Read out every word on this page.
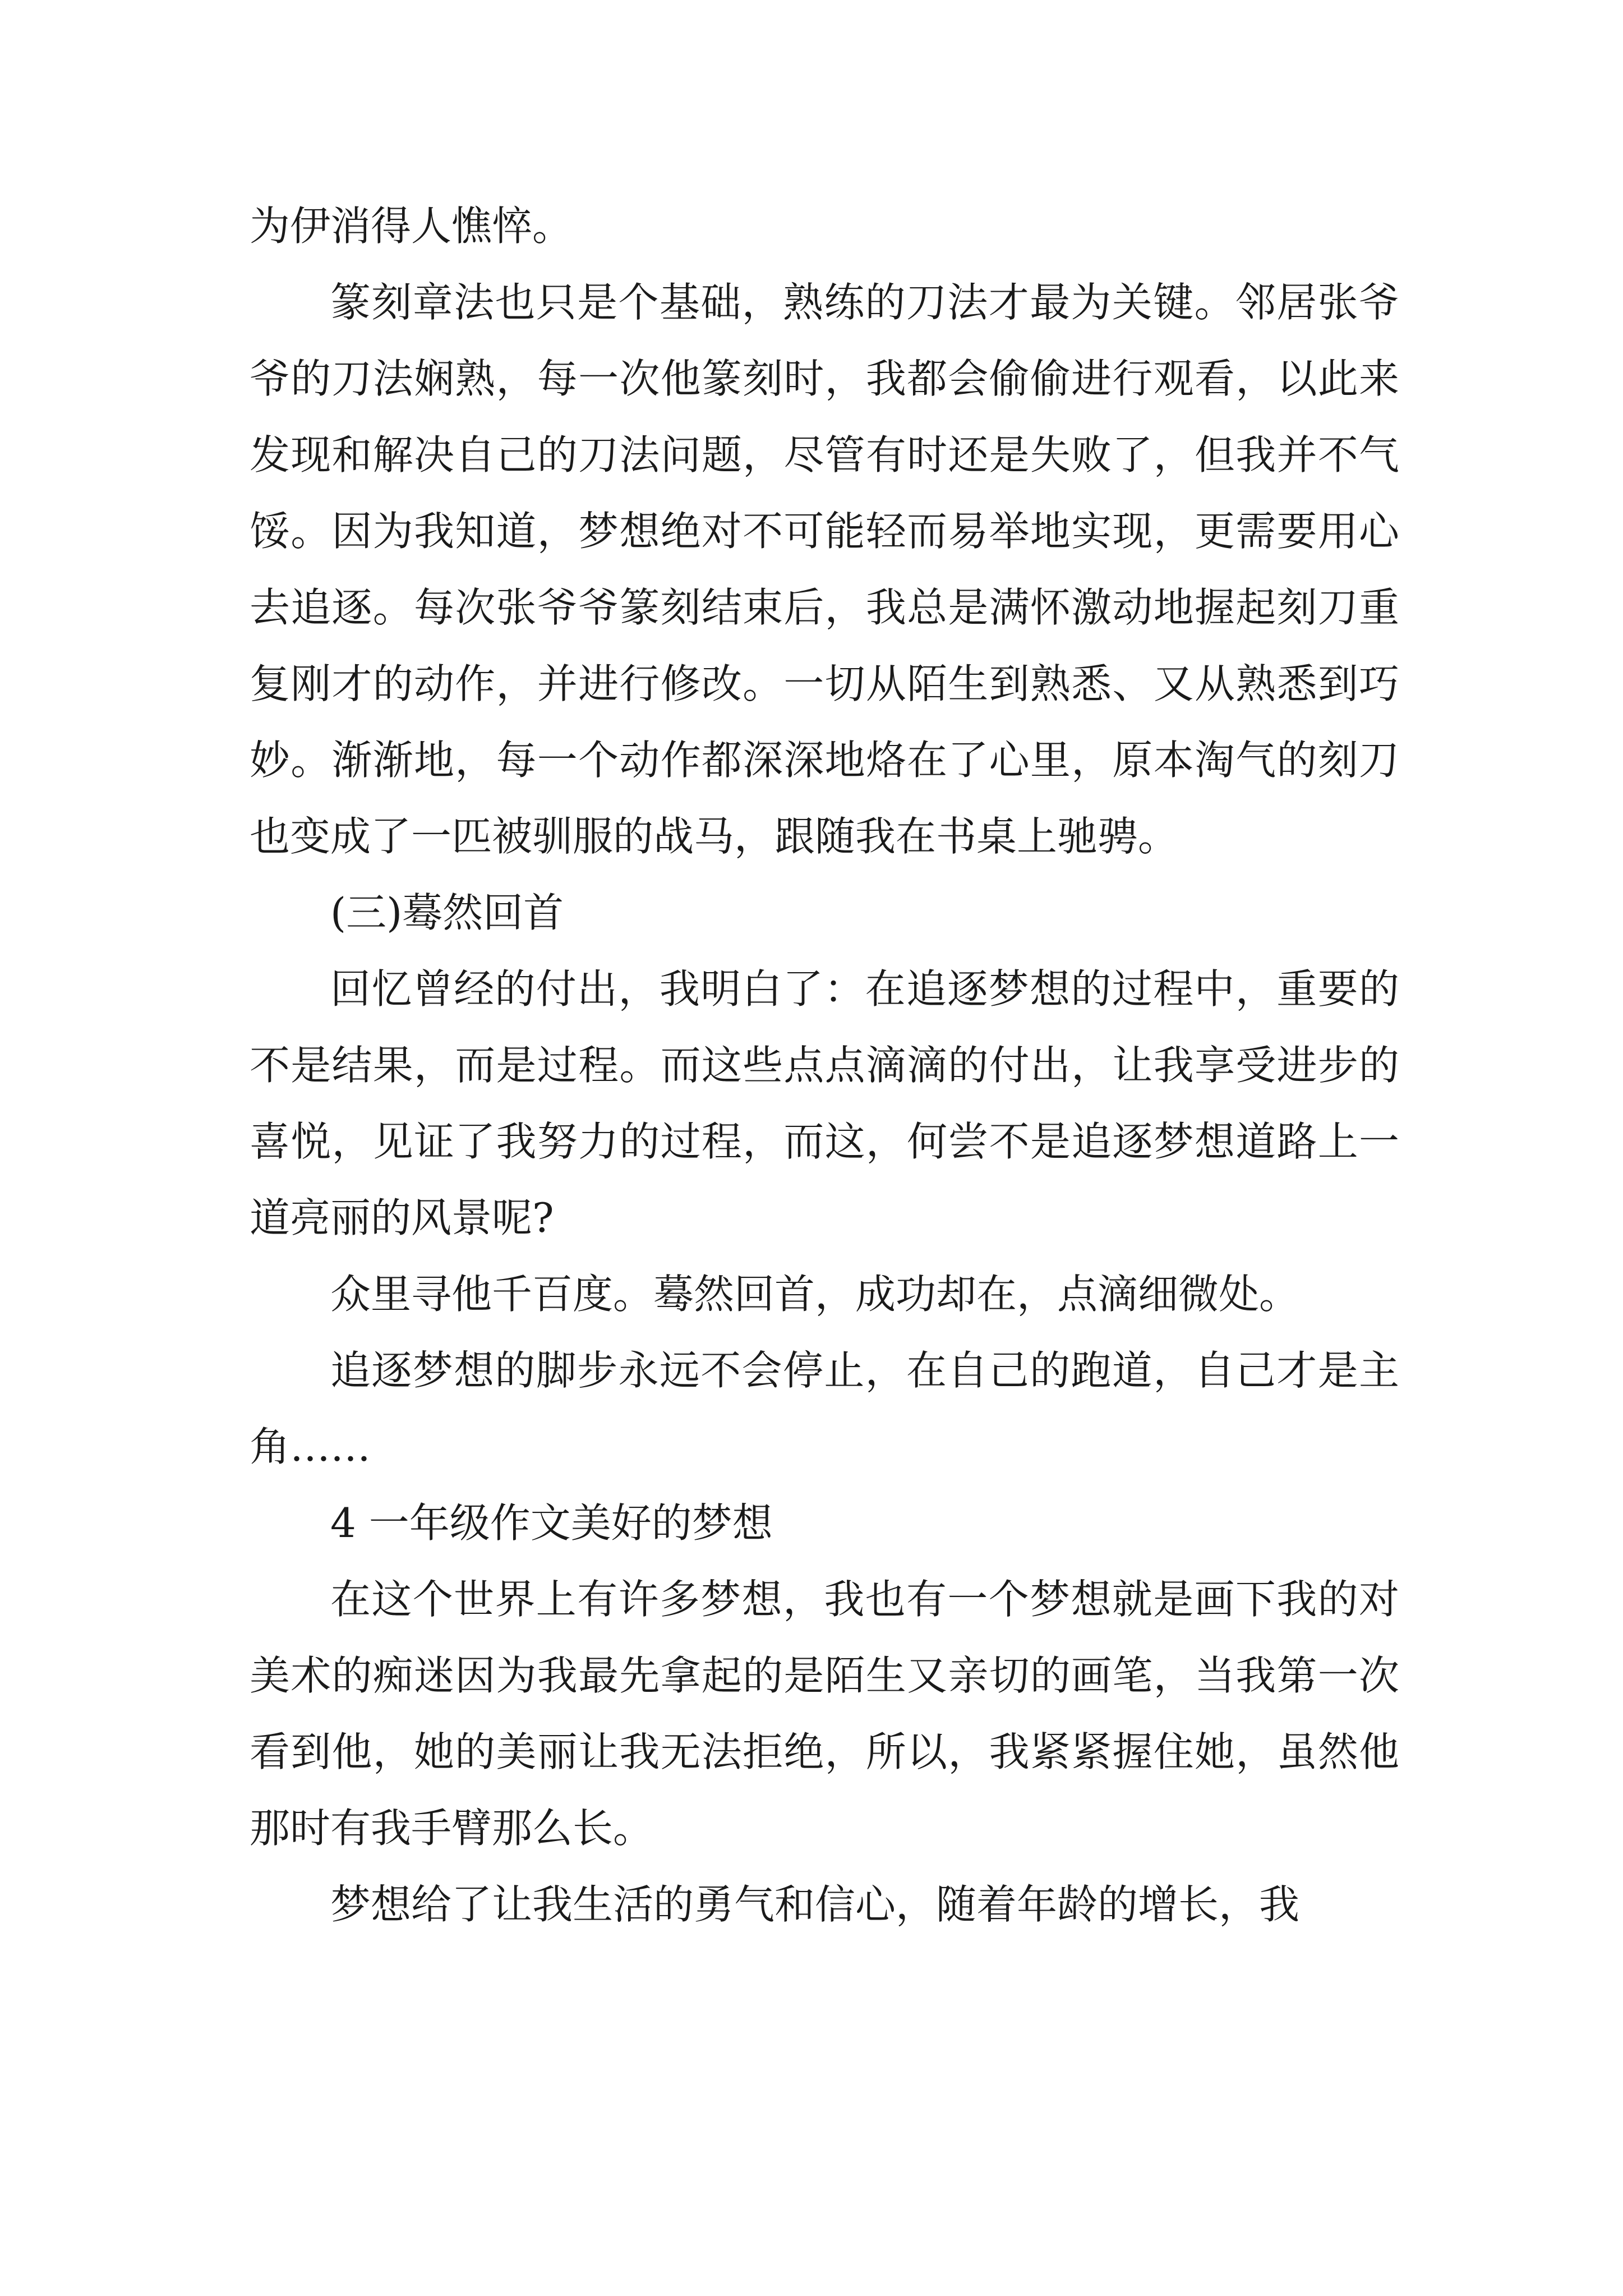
为伊消得人憔悴。

篆刻章法也只是个基础，熟练的刀法才最为关键。邻居张爷爷的刀法娴熟，每一次他篆刻时，我都会偷偷进行观看，以此来发现和解决自己的刀法问题，尽管有时还是失败了，但我并不气馁。因为我知道，梦想绝对不可能轻而易举地实现，更需要用心去追逐。每次张爷爷篆刻结束后，我总是满怀激动地握起刻刀重复刚才的动作，并进行修改。一切从陌生到熟悉、又从熟悉到巧妙。渐渐地，每一个动作都深深地烙在了心里，原本淘气的刻刀也变成了一匹被驯服的战马，跟随我在书桌上驰骋。

(三)蓦然回首

回忆曾经的付出，我明白了：在追逐梦想的过程中，重要的不是结果，而是过程。而这些点点滴滴的付出，让我享受进步的喜悦，见证了我努力的过程，而这，何尝不是追逐梦想道路上一道亮丽的风景呢?

众里寻他千百度。蓦然回首，成功却在，点滴细微处。

追逐梦想的脚步永远不会停止，在自己的跑道，自己才是主角……

4 一年级作文美好的梦想

在这个世界上有许多梦想，我也有一个梦想就是画下我的对美术的痴迷因为我最先拿起的是陌生又亲切的画笔，当我第一次看到他，她的美丽让我无法拒绝，所以，我紧紧握住她，虽然他那时有我手臂那么长。

梦想给了让我生活的勇气和信心，随着年龄的增长，我
